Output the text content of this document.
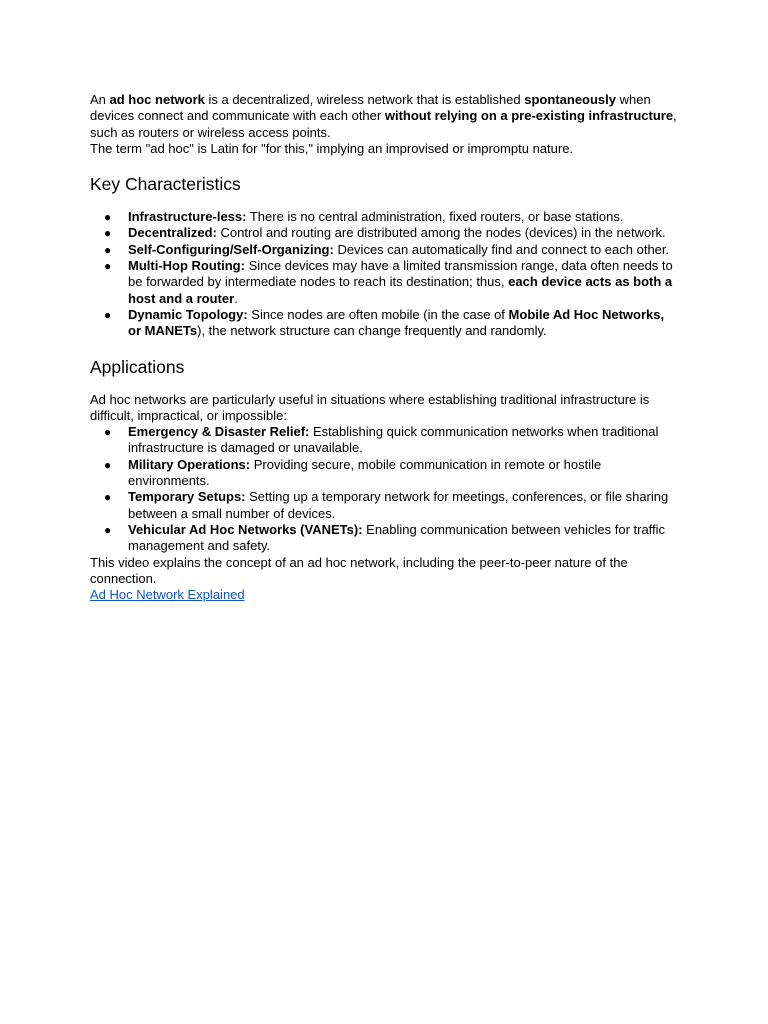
An ad hoc network is a decentralized, wireless network that is established spontaneously when devices connect and communicate with each other without relying on a pre-existing infrastructure, such as routers or wireless access points.

The term "ad hoc" is Latin for "for this," implying an improvised or impromptu nature.

Key Characteristics
● Infrastructure-less: There is no central administration, fixed routers, or base stations.
● Decentralized: Control and routing are distributed among the nodes (devices) in the network.
● Self-Configuring/Self-Organizing: Devices can automatically find and connect to each other.
● Multi-Hop Routing: Since devices may have a limited transmission range, data often needs to be forwarded by intermediate nodes to reach its destination; thus, each device acts as both a host and a router.
● Dynamic Topology: Since nodes are often mobile (in the case of Mobile Ad Hoc Networks, or MANETs), the network structure can change frequently and randomly.
Applications

Ad hoc networks are particularly useful in situations where establishing traditional infrastructure is difficult, impractical, or impossible:

● Emergency & Disaster Relief: Establishing quick communication networks when traditional infrastructure is damaged or unavailable.
● Military Operations: Providing secure, mobile communication in remote or hostile environments.
● Temporary Setups: Setting up a temporary network for meetings, conferences, or file sharing between a small number of devices.
● Vehicular Ad Hoc Networks (VANETs): Enabling communication between vehicles for traffic management and safety.

This video explains the concept of an ad hoc network, including the peer-to-peer nature of the connection.

Ad Hoc Network Explained
